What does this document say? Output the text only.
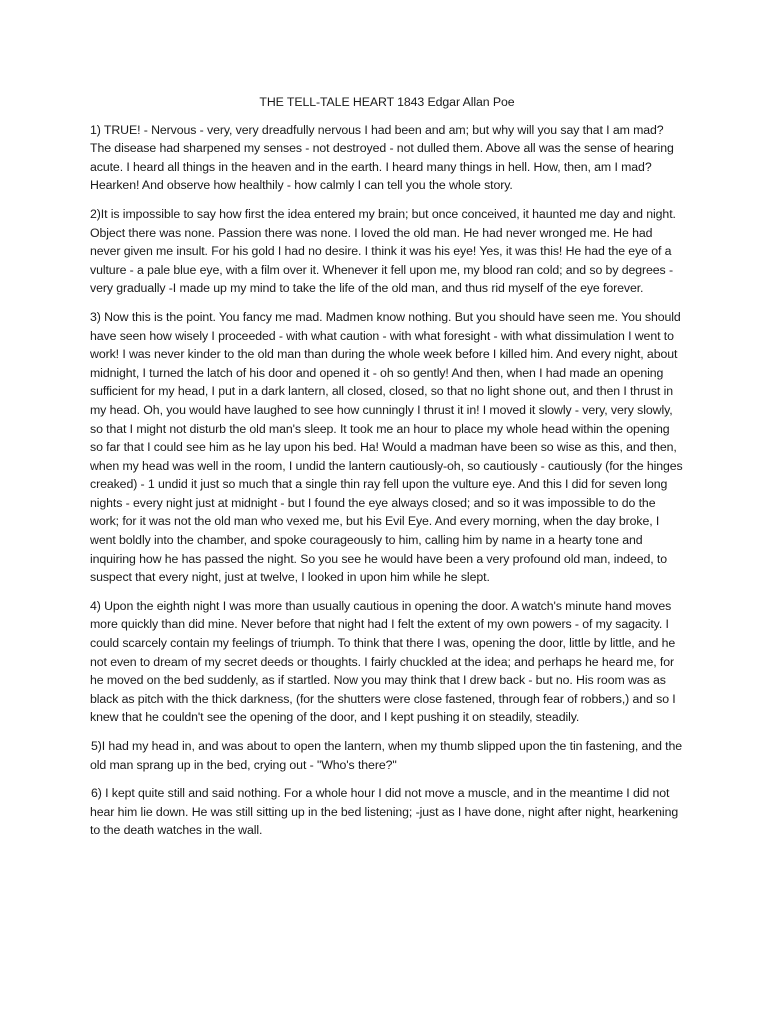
THE TELL-TALE HEART 1843 Edgar Allan Poe

1) TRUE! - Nervous - very, very dreadfully nervous I had been and am; but why will you say that I am mad? The disease had sharpened my senses - not destroyed - not dulled them. Above all was the sense of hearing acute. I heard all things in the heaven and in the earth. I heard many things in hell. How, then, am I mad? Hearken! And observe how healthily - how calmly I can tell you the whole story.

2)It is impossible to say how first the idea entered my brain; but once conceived, it haunted me day and night. Object there was none. Passion there was none. I loved the old man. He had never wronged me. He had never given me insult. For his gold I had no desire. I think it was his eye! Yes, it was this! He had the eye of a vulture - a pale blue eye, with a film over it. Whenever it fell upon me, my blood ran cold; and so by degrees - very gradually -I made up my mind to take the life of the old man, and thus rid myself of the eye forever.

3) Now this is the point. You fancy me mad. Madmen know nothing. But you should have seen me. You should have seen how wisely I proceeded - with what caution - with what foresight - with what dissimulation I went to work! I was never kinder to the old man than during the whole week before I killed him. And every night, about midnight, I turned the latch of his door and opened it - oh so gently! And then, when I had made an opening sufficient for my head, I put in a dark lantern, all closed, closed, so that no light shone out, and then I thrust in my head. Oh, you would have laughed to see how cunningly I thrust it in! I moved it slowly - very, very slowly, so that I might not disturb the old man's sleep. It took me an hour to place my whole head within the opening so far that I could see him as he lay upon his bed. Ha! Would a madman have been so wise as this, and then, when my head was well in the room, I undid the lantern cautiously-oh, so cautiously - cautiously (for the hinges creaked) - 1 undid it just so much that a single thin ray fell upon the vulture eye. And this I did for seven long nights - every night just at midnight - but I found the eye always closed; and so it was impossible to do the work; for it was not the old man who vexed me, but his Evil Eye. And every morning, when the day broke, I went boldly into the chamber, and spoke courageously to him, calling him by name in a hearty tone and inquiring how he has passed the night. So you see he would have been a very profound old man, indeed, to suspect that every night, just at twelve, I looked in upon him while he slept.

4) Upon the eighth night I was more than usually cautious in opening the door. A watch's minute hand moves more quickly than did mine. Never before that night had I felt the extent of my own powers - of my sagacity. I could scarcely contain my feelings of triumph. To think that there I was, opening the door, little by little, and he not even to dream of my secret deeds or thoughts. I fairly chuckled at the idea; and perhaps he heard me, for he moved on the bed suddenly, as if startled. Now you may think that I drew back - but no. His room was as black as pitch with the thick darkness, (for the shutters were close fastened, through fear of robbers,) and so I knew that he couldn't see the opening of the door, and I kept pushing it on steadily, steadily.

5)I had my head in, and was about to open the lantern, when my thumb slipped upon the tin fastening, and the old man sprang up in the bed, crying out - "Who's there?"

6) I kept quite still and said nothing. For a whole hour I did not move a muscle, and in the meantime I did not hear him lie down. He was still sitting up in the bed listening; -just as I have done, night after night, hearkening to the death watches in the wall.
